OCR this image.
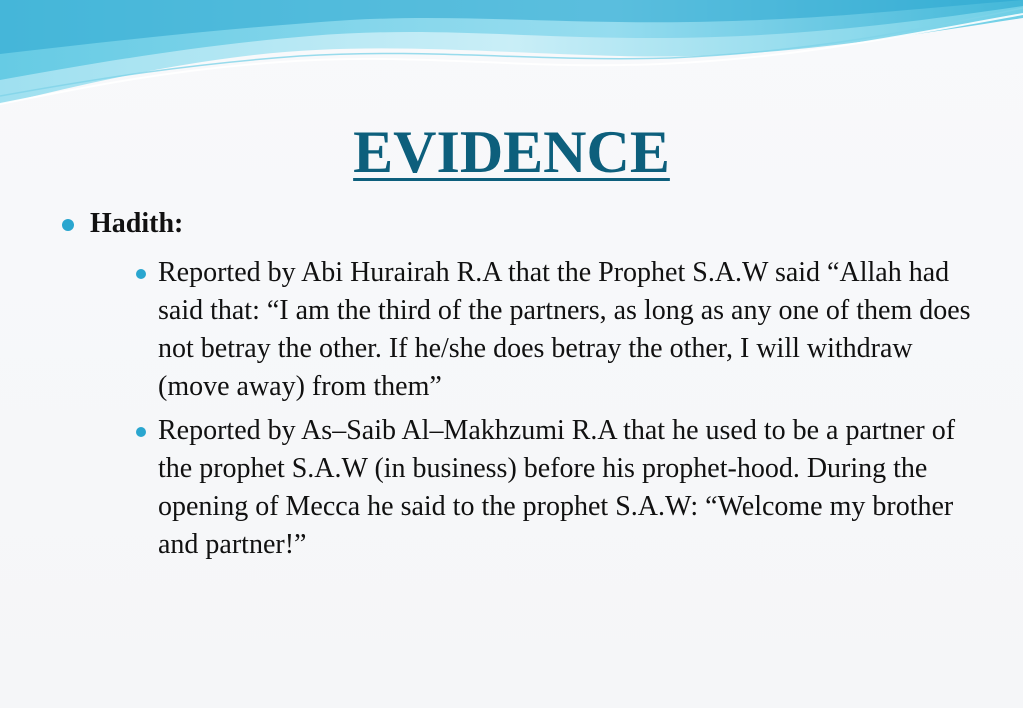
EVIDENCE
Hadith:
Reported by Abi Hurairah R.A that the Prophet S.A.W said “Allah had said that: “I am the third of the partners, as long as any one of them does not betray the other. If he/she does betray the other, I will withdraw (move away) from them”
Reported by As–Saib Al–Makhzumi R.A that he used to be a partner of the prophet S.A.W (in business) before his prophet-hood. During the opening of Mecca he said to the prophet S.A.W: “Welcome my brother and partner!”
